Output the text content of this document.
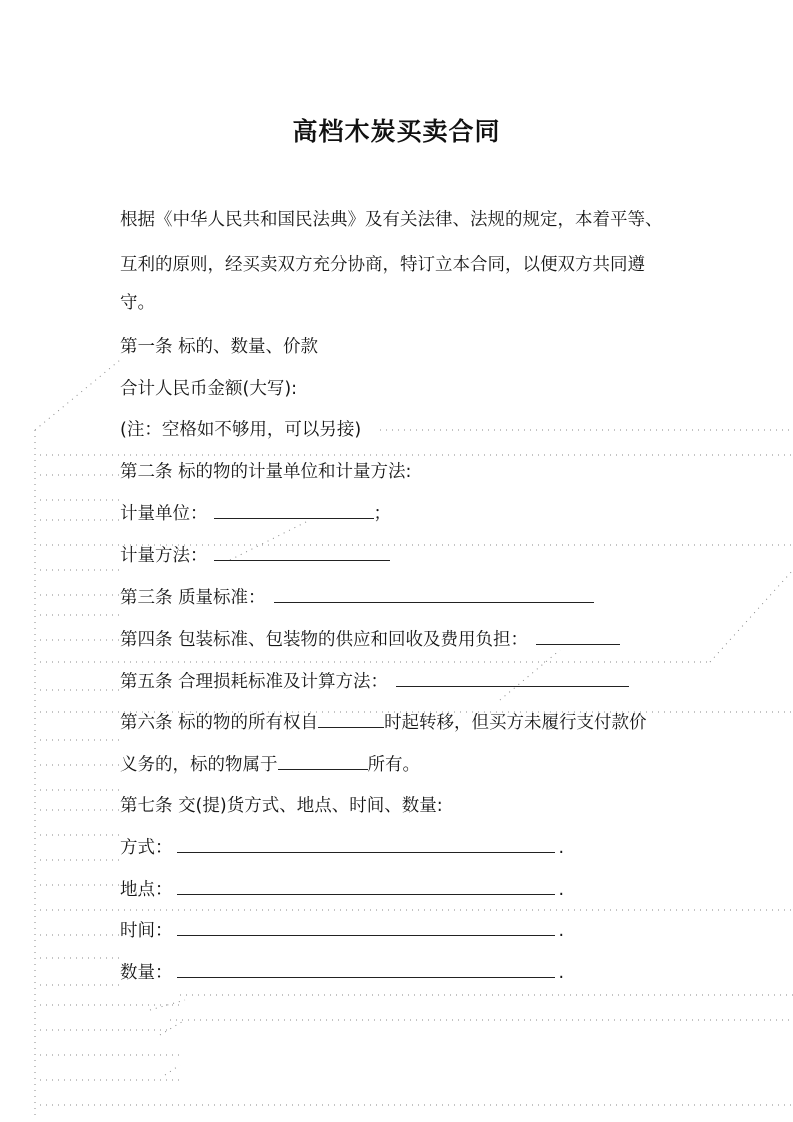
高档木炭买卖合同
根据《中华人民共和国民法典》及有关法律、法规的规定，本着平等、
互利的原则，经买卖双方充分协商，特订立本合同，以便双方共同遵
守。
第一条 标的、数量、价款
合计人民币金额(大写):
(注：空格如不够用，可以另接)
第二条 标的物的计量单位和计量方法:
计量单位：	；
计量方法：
第三条 质量标准：
第四条 包装标准、包装物的供应和回收及费用负担：
第五条 合理损耗标准及计算方法：
第六条 标的物的所有权自	时起转移，但买方未履行支付款价
义务的，标的物属于	所有。
第七条 交(提)货方式、地点、时间、数量:
方式：	.
地点：	.
时间：	.
数量：	.
